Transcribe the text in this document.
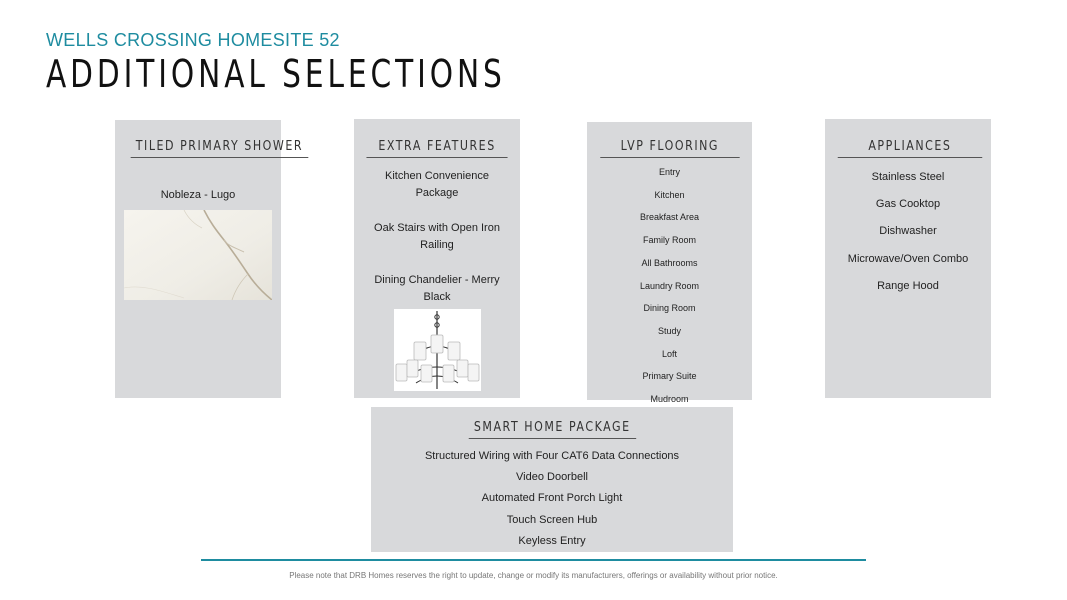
WELLS CROSSING HOMESITE 52
ADDITIONAL SELECTIONS
TILED PRIMARY SHOWER
Nobleza - Lugo
EXTRA FEATURES
Kitchen Convenience Package
Oak Stairs with Open Iron Railing
Dining Chandelier - Merry Black
LVP FLOORING
Entry
Kitchen
Breakfast Area
Family Room
All Bathrooms
Laundry Room
Dining Room
Study
Loft
Primary Suite
Mudroom
APPLIANCES
Stainless Steel
Gas Cooktop
Dishwasher
Microwave/Oven Combo
Range Hood
SMART HOME PACKAGE
Structured Wiring with Four CAT6 Data Connections
Video Doorbell
Automated Front Porch Light
Touch Screen Hub
Keyless Entry
Please note that DRB Homes reserves the right to update, change or modify its manufacturers, offerings or availability without prior notice.
